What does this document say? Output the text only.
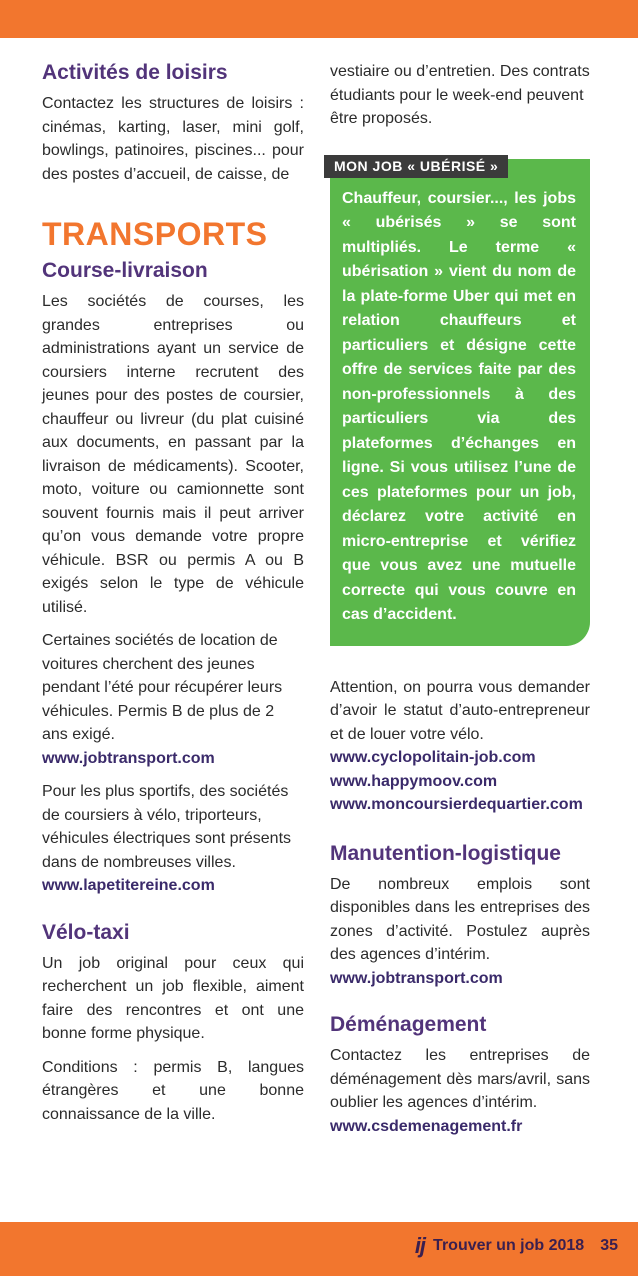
Activités de loisirs

Contactez les structures de loisirs : cinémas, karting, laser, mini golf, bowlings, patinoires, piscines... pour des postes d’accueil, de caisse, de

TRANSPORTS
Course-livraison

Les sociétés de courses, les grandes entreprises ou administrations ayant un service de coursiers interne recrutent des jeunes pour des postes de coursier, chauffeur ou livreur (du plat cuisiné aux documents, en passant par la livraison de médicaments). Scooter, moto, voiture ou camionnette sont souvent fournis mais il peut arriver qu’on vous demande votre propre véhicule. BSR ou permis A ou B exigés selon le type de véhicule utilisé.

Certaines sociétés de location de voitures cherchent des jeunes pendant l’été pour récupérer leurs véhicules. Permis B de plus de 2 ans exigé.

www.jobtransport.com

Pour les plus sportifs, des sociétés de coursiers à vélo, triporteurs, véhicules électriques sont présents dans de nombreuses villes.

www.lapetitereine.com
Vélo-taxi

Un job original pour ceux qui recherchent un job flexible, aiment faire des rencontres et ont une bonne forme physique.

Conditions : permis B, langues étrangères et une bonne connaissance de la ville.

vestiaire ou d’entretien. Des contrats étudiants pour le week-end peuvent être proposés.

MON JOB « UBÉRISÉ »

Chauffeur, coursier..., les jobs « ubérisés » se sont multipliés. Le terme « ubérisation » vient du nom de la plate-forme Uber qui met en relation chauffeurs et particuliers et désigne cette offre de services faite par des non-professionnels à des particuliers via des plateformes d’échanges en ligne. Si vous utilisez l’une de ces plateformes pour un job, déclarez votre activité en micro-entreprise et vérifiez que vous avez une mutuelle correcte qui vous couvre en cas d’accident.

Attention, on pourra vous demander d’avoir le statut d’auto-entrepreneur et de louer votre vélo.

www.cyclopolitain-job.com
www.happymoov.com
www.moncoursierdequartier.com
Manutention-logistique

De nombreux emplois sont disponibles dans les entreprises des zones d’activité. Postulez auprès des agences d’intérim.

www.jobtransport.com
Déménagement

Contactez les entreprises de déménagement dès mars/avril, sans oublier les agences d’intérim.

www.csdemenagement.fr
ij Trouver un job 2018 35
